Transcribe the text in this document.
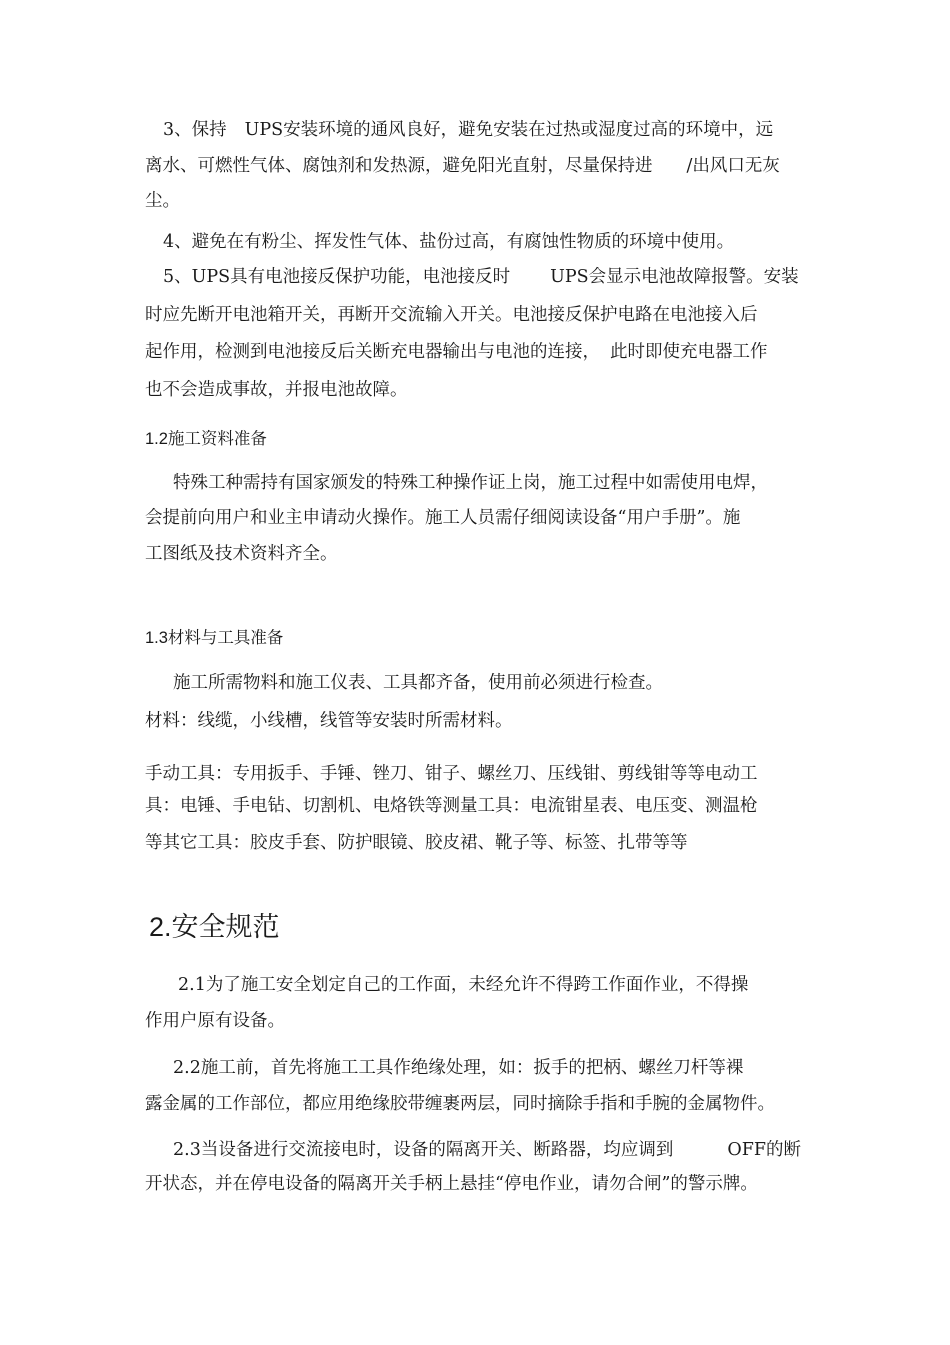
3、保持 UPS安装环境的通风良好，避免安装在过热或湿度过高的环境中，远
离水、可燃性气体、腐蚀剂和发热源，避免阳光直射，尽量保持进 /出风口无灰
尘。
4、避免在有粉尘、挥发性气体、盐份过高，有腐蚀性物质的环境中使用。
5、UPS具有电池接反保护功能，电池接反时 UPS会显示电池故障报警。安装
时应先断开电池箱开关，再断开交流输入开关。电池接反保护电路在电池接入后
起作用，检测到电池接反后关断充电器输出与电池的连接， 此时即使充电器工作
也不会造成事故，并报电池故障。
1.2施工资料准备
特殊工种需持有国家颁发的特殊工种操作证上岗，施工过程中如需使用电焊，
会提前向用户和业主申请动火操作。施工人员需仔细阅读设备“用户手册”。施
工图纸及技术资料齐全。
1.3材料与工具准备
施工所需物料和施工仪表、工具都齐备，使用前必须进行检查。
材料：线缆，小线槽，线管等安装时所需材料。
手动工具：专用扳手、手锤、锉刀、钳子、螺丝刀、压线钳、剪线钳等等电动工
具：电锤、手电钻、切割机、电烙铁等测量工具：电流钳星表、电压变、测温枪
等其它工具：胶皮手套、防护眼镜、胶皮裙、靴子等、标签、扎带等等
2.安全规范
2.1为了施工安全划定自己的工作面，未经允许不得跨工作面作业，不得操
作用户原有设备。
2.2施工前，首先将施工工具作绝缘处理，如：扳手的把柄、螺丝刀杆等裸
露金属的工作部位，都应用绝缘胶带缠裹两层，同时摘除手指和手腕的金属物件。
2.3当设备进行交流接电时，设备的隔离开关、断路器，均应调到	OFF的断
开状态，并在停电设备的隔离开关手柄上悬挂“停电作业，请勿合闸”的警示牌。
